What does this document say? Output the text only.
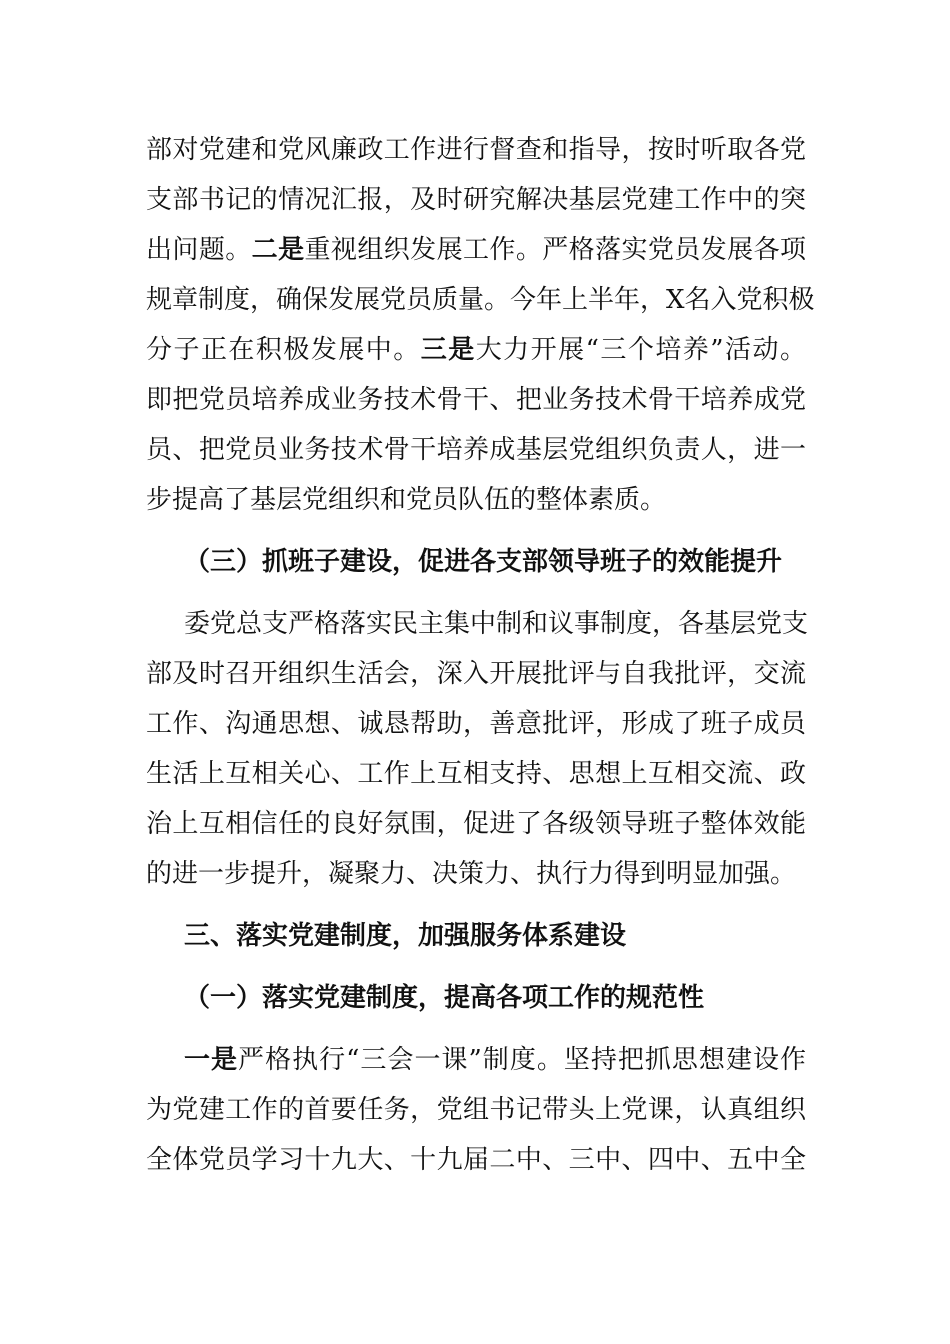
部对党建和党风廉政工作进行督查和指导，按时听取各党
支部书记的情况汇报，及时研究解决基层党建工作中的突
出问题。二是重视组织发展工作。严格落实党员发展各项
规章制度，确保发展党员质量。今年上半年，X名入党积极
分子正在积极发展中。三是大力开展“三个培养”活动。
即把党员培养成业务技术骨干、把业务技术骨干培养成党
员、把党员业务技术骨干培养成基层党组织负责人，进一
步提高了基层党组织和党员队伍的整体素质。
（三）抓班子建设，促进各支部领导班子的效能提升
委党总支严格落实民主集中制和议事制度，各基层党支
部及时召开组织生活会，深入开展批评与自我批评，交流
工作、沟通思想、诚恳帮助，善意批评，形成了班子成员
生活上互相关心、工作上互相支持、思想上互相交流、政
治上互相信任的良好氛围，促进了各级领导班子整体效能
的进一步提升，凝聚力、决策力、执行力得到明显加强。
三、落实党建制度，加强服务体系建设
（一）落实党建制度，提高各项工作的规范性
一是严格执行“三会一课”制度。坚持把抓思想建设作
为党建工作的首要任务，党组书记带头上党课，认真组织
全体党员学习十九大、十九届二中、三中、四中、五中全
